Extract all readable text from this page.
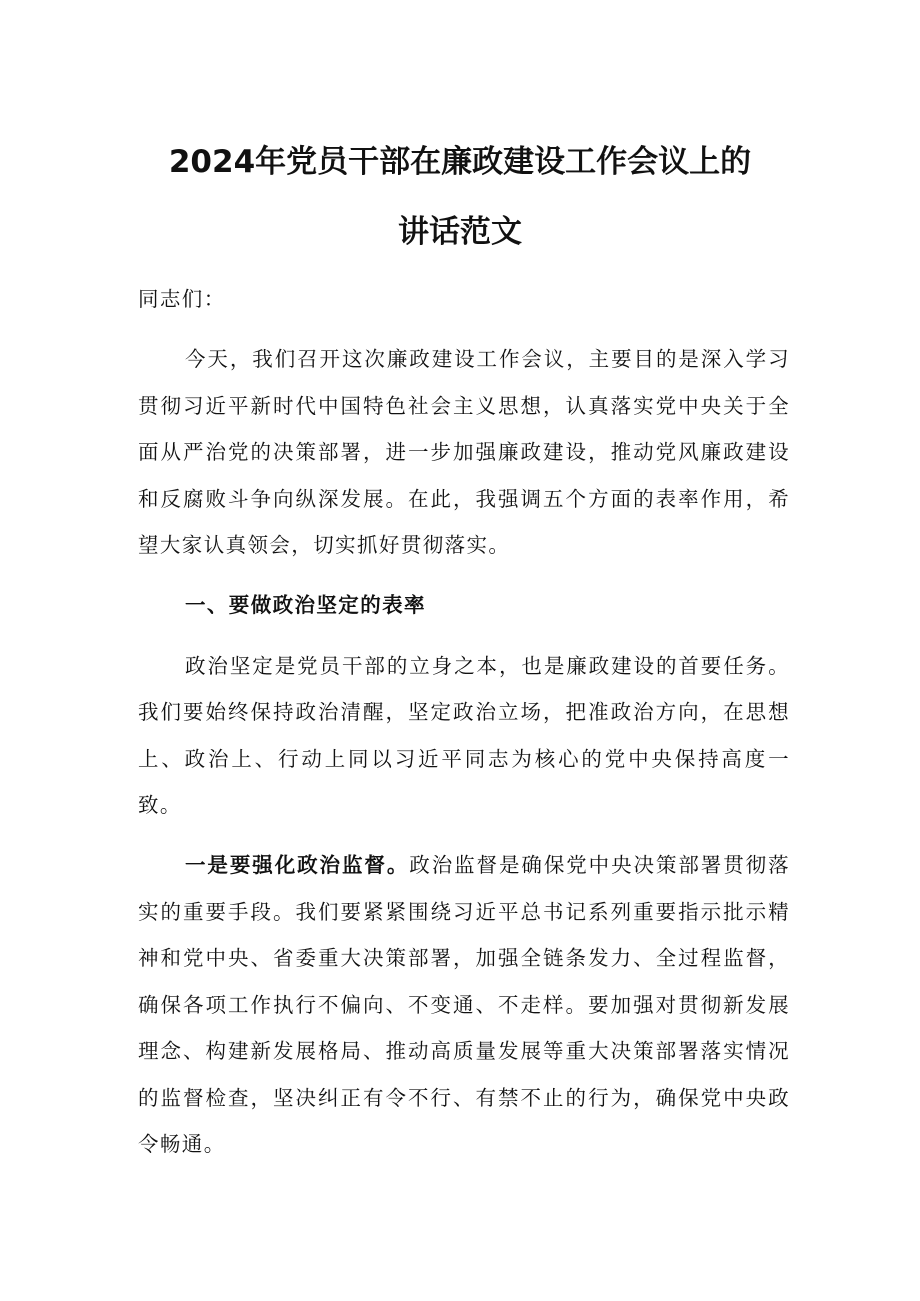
2024年党员干部在廉政建设工作会议上的
讲话范文

同志们：

今天，我们召开这次廉政建设工作会议，主要目的是深入学习贯彻习近平新时代中国特色社会主义思想，认真落实党中央关于全面从严治党的决策部署，进一步加强廉政建设，推动党风廉政建设和反腐败斗争向纵深发展。在此，我强调五个方面的表率作用，希望大家认真领会，切实抓好贯彻落实。

一、要做政治坚定的表率

政治坚定是党员干部的立身之本，也是廉政建设的首要任务。我们要始终保持政治清醒，坚定政治立场，把准政治方向，在思想上、政治上、行动上同以习近平同志为核心的党中央保持高度一致。

一是要强化政治监督。政治监督是确保党中央决策部署贯彻落实的重要手段。我们要紧紧围绕习近平总书记系列重要指示批示精神和党中央、省委重大决策部署，加强全链条发力、全过程监督，确保各项工作执行不偏向、不变通、不走样。要加强对贯彻新发展理念、构建新发展格局、推动高质量发展等重大决策部署落实情况的监督检查，坚决纠正有令不行、有禁不止的行为，确保党中央政令畅通。
